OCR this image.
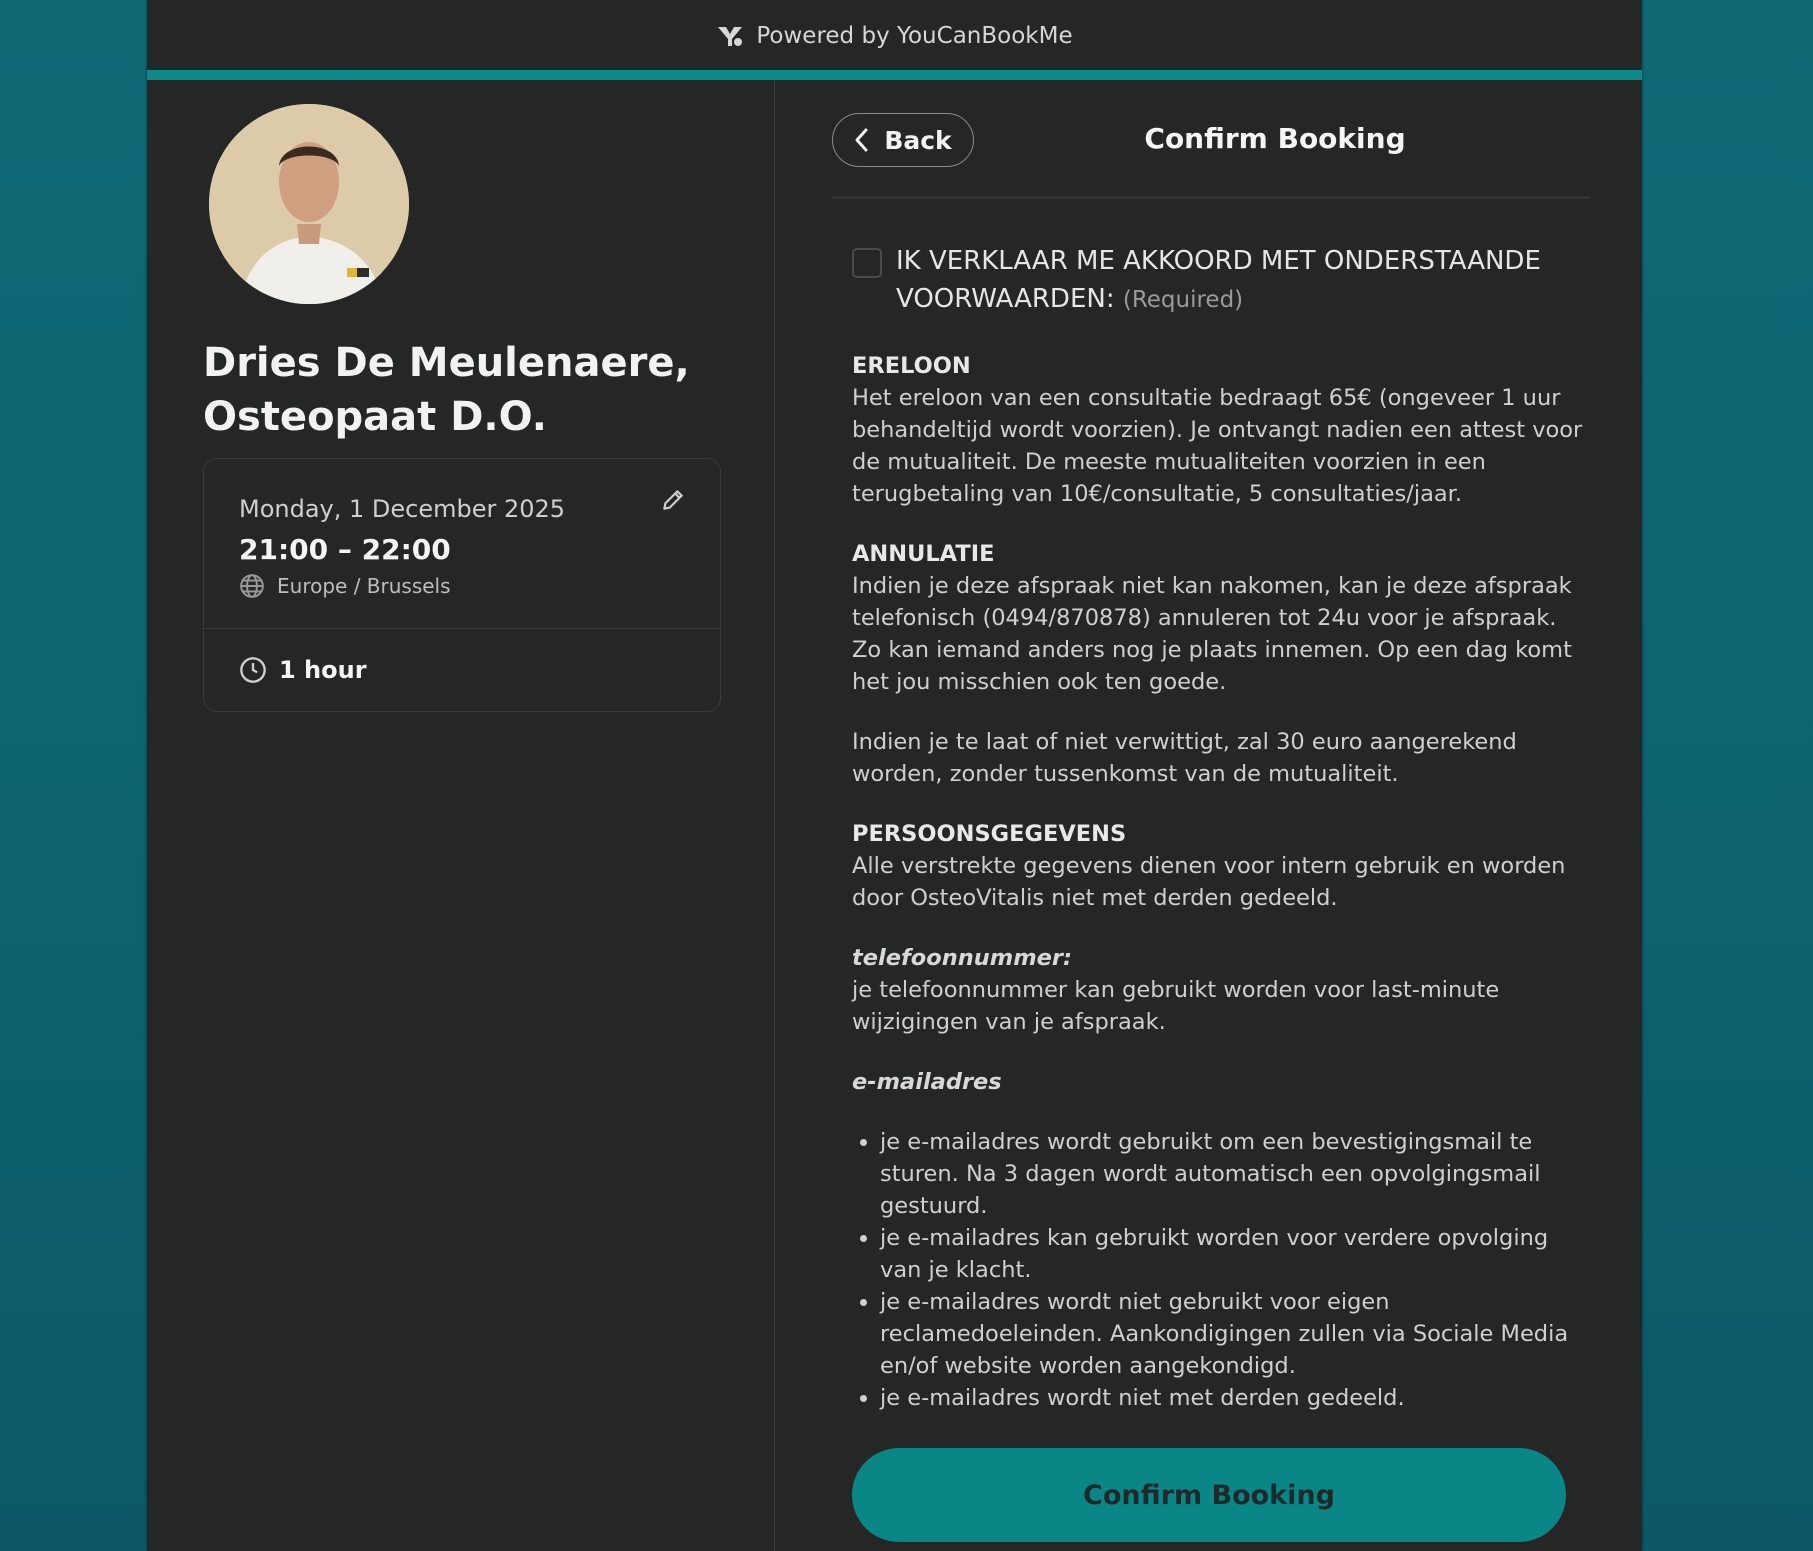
Powered by YouCanBookMe
Dries De Meulenaere,
Osteopaat D.O.
Monday, 1 December 2025
21:00 – 22:00
Europe / Brussels
1 hour
Back	Confirm Booking
IK VERKLAAR ME AKKOORD MET ONDERSTAANDE VOORWAARDEN: (Required)
ERELOON

Het ereloon van een consultatie bedraagt 65€ (ongeveer 1 uur behandeltijd wordt voorzien). Je ontvangt nadien een attest voor de mutualiteit. De meeste mutualiteiten voorzien in een terugbetaling van 10€/consultatie, 5 consultaties/jaar.

ANNULATIE

Indien je deze afspraak niet kan nakomen, kan je deze afspraak telefonisch (0494/870878) annuleren tot 24u voor je afspraak. Zo kan iemand anders nog je plaats innemen. Op een dag komt het jou misschien ook ten goede.

Indien je te laat of niet verwittigt, zal 30 euro aangerekend worden, zonder tussenkomst van de mutualiteit.

PERSOONSGEGEVENS

Alle verstrekte gegevens dienen voor intern gebruik en worden door OsteoVitalis niet met derden gedeeld.

telefoonnummer:

je telefoonnummer kan gebruikt worden voor last-minute wijzigingen van je afspraak.

e-mailadres

• je e-mailadres wordt gebruikt om een bevestigingsmail te sturen. Na 3 dagen wordt automatisch een opvolgingsmail gestuurd.
• je e-mailadres kan gebruikt worden voor verdere opvolging van je klacht.
• je e-mailadres wordt niet gebruikt voor eigen reclamedoeleinden. Aankondigingen zullen via Sociale Media en/of website worden aangekondigd.
• je e-mailadres wordt niet met derden gedeeld.
Confirm Booking
